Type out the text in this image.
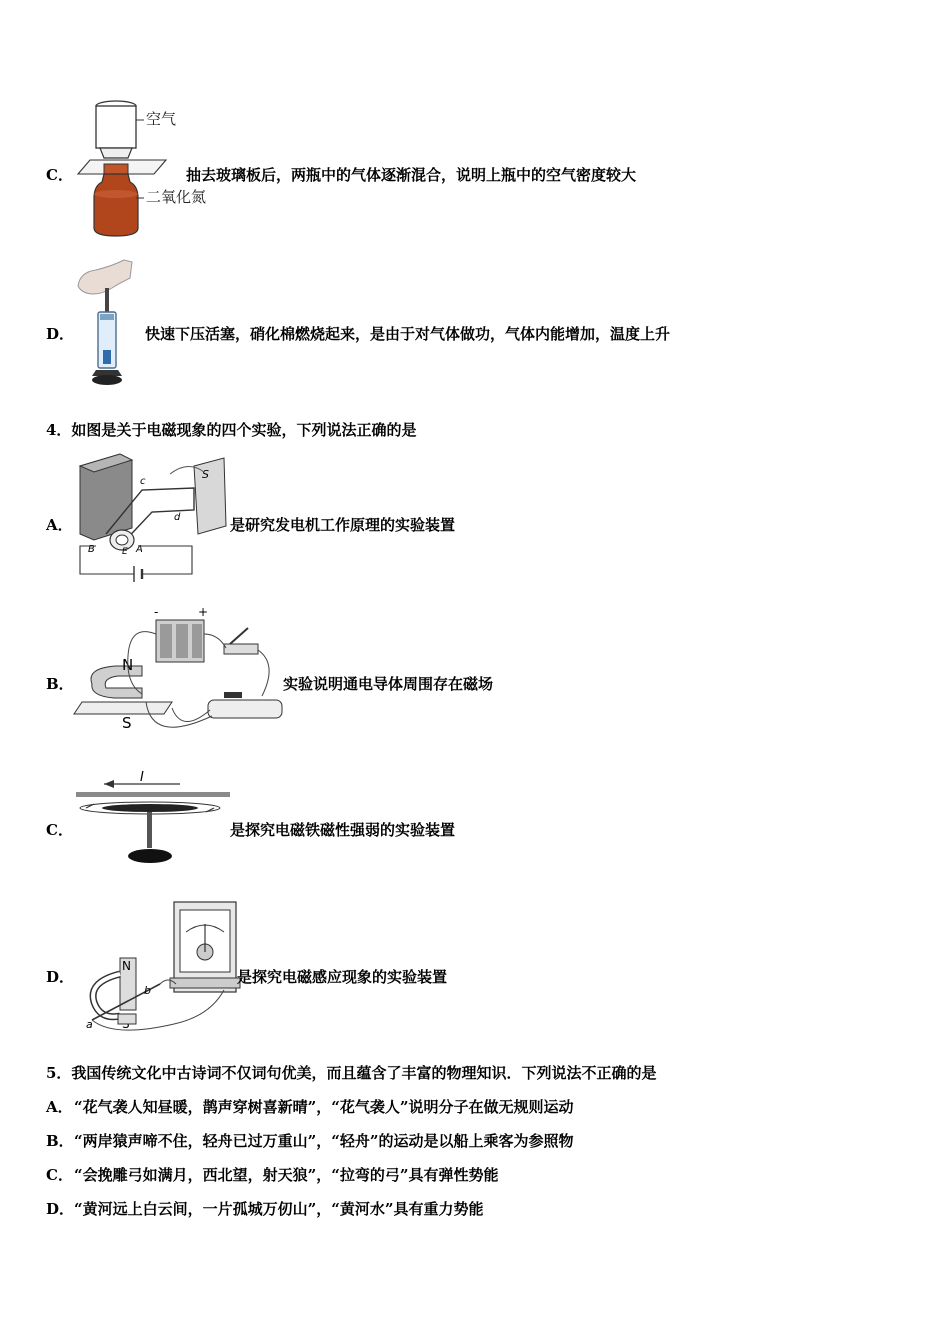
C．
空气
二氧化氮
抽去玻璃板后，两瓶中的气体逐渐混合，说明上瓶中的空气密度较大
D．	快速下压活塞，硝化棉燃烧起来，是由于对气体做功，气体内能增加，温度上升
4．如图是关于电磁现象的四个实验，下列说法正确的是
A．
S
c
d
B	E A
是研究发电机工作原理的实验装置
B．
-	+
N
S
实验说明通电导体周围存在磁场
C．
I
是探究电磁铁磁性强弱的实验装置
D．
N
a
b
是探究电磁感应现象的实验装置
5．我国传统文化中古诗词不仅词句优美，而且蕴含了丰富的物理知识．下列说法不正确的是
A． “花气袭人知昼暖，鹊声穿树喜新晴”，“花气袭人”说明分子在做无规则运动
B． “两岸猿声啼不住，轻舟已过万重山”，“轻舟”的运动是以船上乘客为参照物
C． “会挽雕弓如满月，西北望，射天狼”，“拉弯的弓”具有弹性势能
D． “黄河远上白云间，一片孤城万仞山”，“黄河水”具有重力势能
